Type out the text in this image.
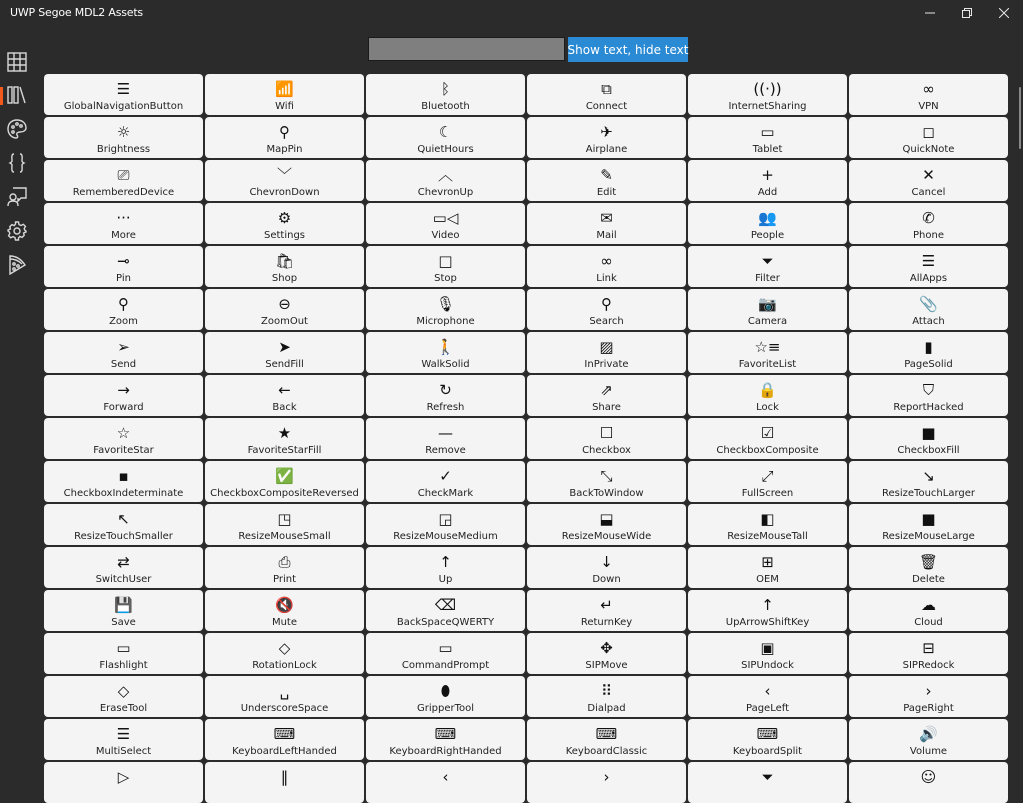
UWP Segoe MDL2 Assets
Show text, hide text
☰
GlobalNavigationButton
📶
Wifi
ᛒ
Bluetooth
⧉
Connect
((·))
InternetSharing
∞
VPN
☼
Brightness
⚲
MapPin
☾
QuietHours
✈
Airplane
▭
Tablet
◻
QuickNote
⎚
RememberedDevice
﹀
ChevronDown
︿
ChevronUp
✎
Edit
+
Add
✕
Cancel
···
More
⚙
Settings
▭◁
Video
✉
Mail
👥
People
✆
Phone
⊸
Pin
🛍
Shop
□
Stop
∞
Link
⏷
Filter
☰
AllApps
⚲
Zoom
⊖
ZoomOut
🎙
Microphone
⚲
Search
📷
Camera
📎
Attach
➢
Send
➤
SendFill
🚶
WalkSolid
▨
InPrivate
☆≡
FavoriteList
▮
PageSolid
→
Forward
←
Back
↻
Refresh
⇗
Share
🔒
Lock
⛉
ReportHacked
☆
FavoriteStar
★
FavoriteStarFill
—
Remove
☐
Checkbox
☑
CheckboxComposite
■
CheckboxFill
▪
CheckboxIndeterminate
✅
CheckboxCompositeReversed
✓
CheckMark
⤡
BackToWindow
⤢
FullScreen
↘
ResizeTouchLarger
↖
ResizeTouchSmaller
◳
ResizeMouseSmall
◲
ResizeMouseMedium
⬓
ResizeMouseWide
◧
ResizeMouseTall
■
ResizeMouseLarge
⇄
SwitchUser
⎙
Print
↑
Up
↓
Down
⊞
OEM
🗑
Delete
💾
Save
🔇
Mute
⌫
BackSpaceQWERTY
↵
ReturnKey
↑
UpArrowShiftKey
☁
Cloud
▭
Flashlight
◇
RotationLock
▭
CommandPrompt
✥
SIPMove
▣
SIPUndock
⊟
SIPRedock
◇
EraseTool
␣
UnderscoreSpace
⬮
GripperTool
⠿
Dialpad
‹
PageLeft
›
PageRight
☰
MultiSelect
⌨
KeyboardLeftHanded
⌨
KeyboardRightHanded
⌨
KeyboardClassic
⌨
KeyboardSplit
🔊
Volume
▷	‖	‹	›	⏷	☺
